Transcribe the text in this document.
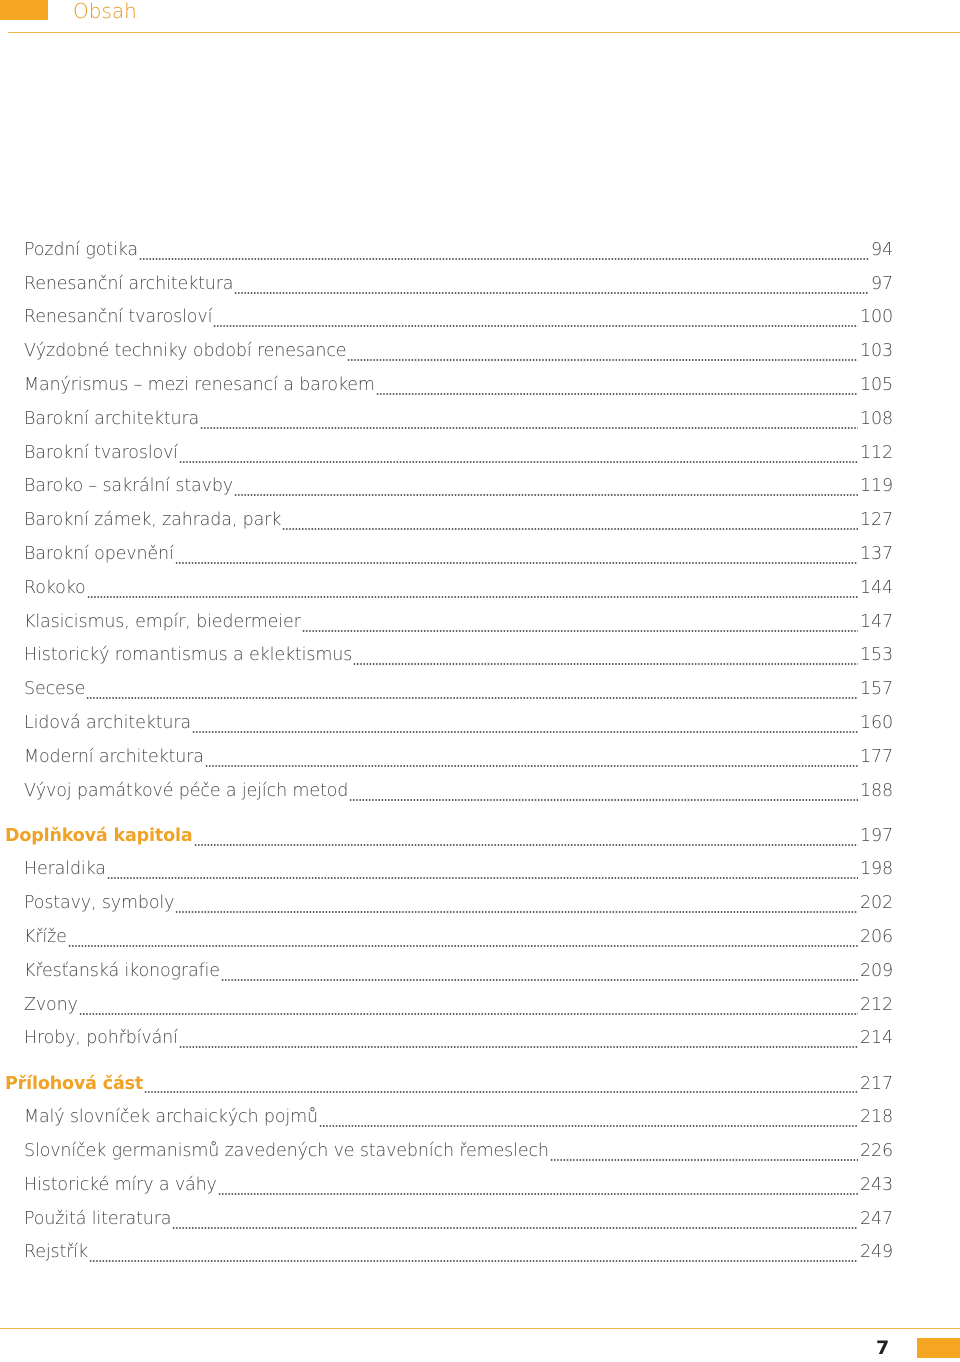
Obsah
Pozdní gotika	94
Renesanční architektura	97
Renesanční tvarosloví	100
Výzdobné techniky období renesance	103
Manýrismus – mezi renesancí a barokem	105
Barokní architektura	108
Barokní tvarosloví	112
Baroko – sakrální stavby	119
Barokní zámek, zahrada, park	127
Barokní opevnění	137
Rokoko	144
Klasicismus, empír, biedermeier	147
Historický romantismus a eklektismus	153
Secese	157
Lidová architektura	160
Moderní architektura	177
Vývoj památkové péče a jejích metod	188
Doplňková kapitola	197
Heraldika	198
Postavy, symboly	202
Kříže	206
Křesťanská ikonografie	209
Zvony	212
Hroby, pohřbívání	214
Přílohová část	217
Malý slovníček archaických pojmů	218
Slovníček germanismů zavedených ve stavebních řemeslech	226
Historické míry a váhy	243
Použitá literatura	247
Rejstřík	249
7
